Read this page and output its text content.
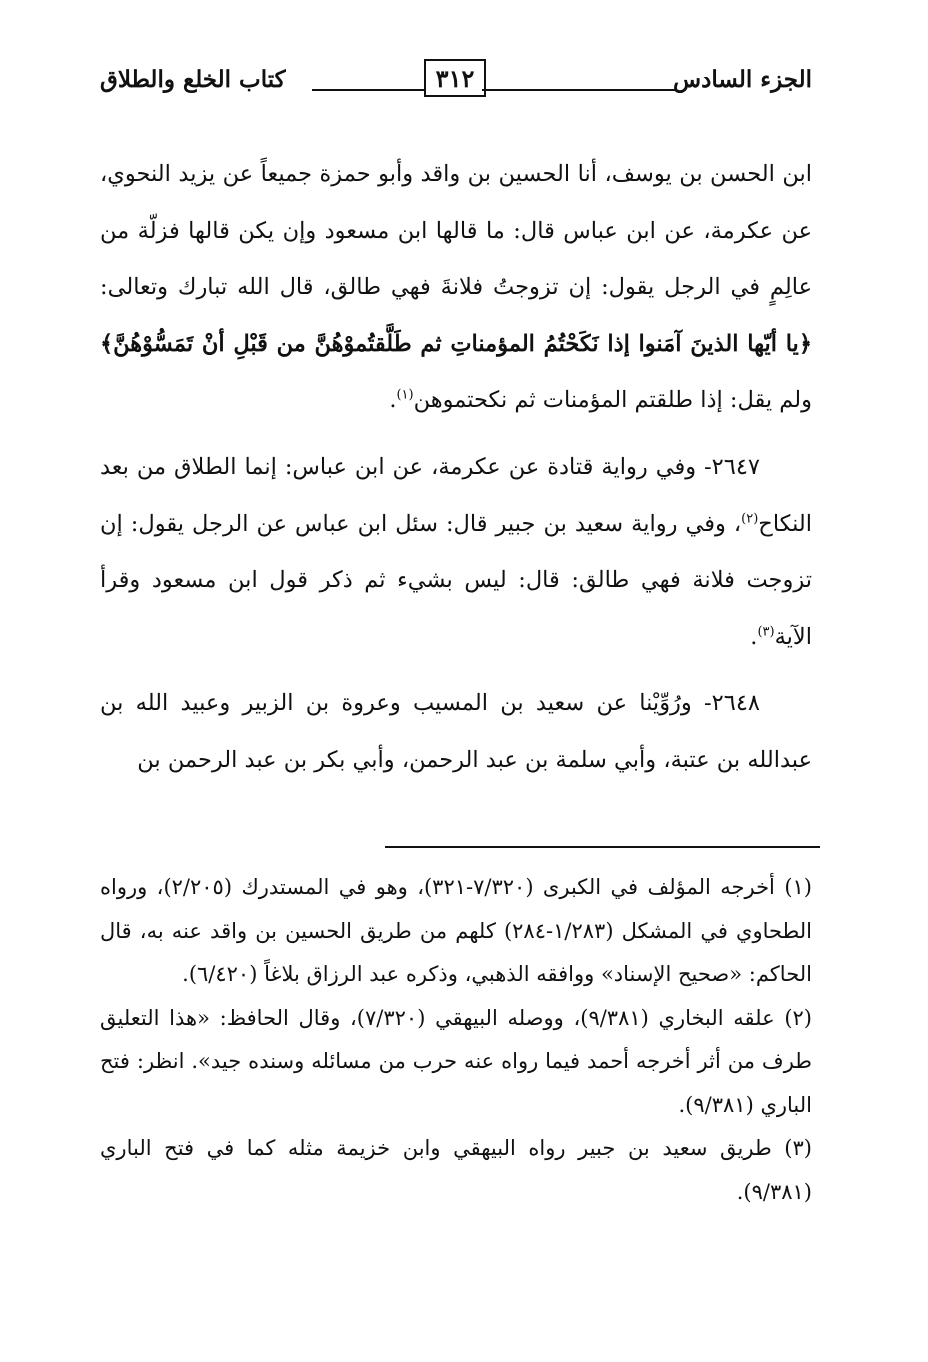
الجزء السادس
٣١٢
كتاب الخلع والطلاق

ابن الحسن بن يوسف، أنا الحسين بن واقد وأبو حمزة جميعاً عن يزيد النحوي، عن عكرمة، عن ابن عباس قال: ما قالها ابن مسعود وإن يكن قالها فزلّة من عالِمٍ في الرجل يقول: إن تزوجتُ فلانةَ فهي طالق، قال الله تبارك وتعالى: ﴿يا أيّها الذينَ آمَنوا إذا نَكَحْتُمُ المؤمناتِ ثم طَلَّقتُموْهُنَّ من قَبْلِ أنْ تَمَسُّوْهُنَّ﴾ ولم يقل: إذا طلقتم المؤمنات ثم نكحتموهن$^{(١)}$.

٢٦٤٧- وفي رواية قتادة عن عكرمة، عن ابن عباس: إنما الطلاق من بعد النكاح$^{(٢)}$، وفي رواية سعيد بن جبير قال: سئل ابن عباس عن الرجل يقول: إن تزوجت فلانة فهي طالق: قال: ليس بشيء ثم ذكر قول ابن مسعود وقرأ الآية$^{(٣)}$.

٢٦٤٨- ورُوِّيْنا عن سعيد بن المسيب وعروة بن الزبير وعبيد الله بن عبدالله بن عتبة، وأبي سلمة بن عبد الرحمن، وأبي بكر بن عبد الرحمن بن

(١) أخرجه المؤلف في الكبرى (٧/٣٢٠-٣٢١)، وهو في المستدرك (٢/٢٠٥)، ورواه الطحاوي في المشكل (١/٢٨٣-٢٨٤) كلهم من طريق الحسين بن واقد عنه به، قال الحاكم: «صحيح الإسناد» ووافقه الذهبي، وذكره عبد الرزاق بلاغاً (٦/٤٢٠).

(٢) علقه البخاري (٩/٣٨١)، ووصله البيهقي (٧/٣٢٠)، وقال الحافظ: «هذا التعليق طرف من أثر أخرجه أحمد فيما رواه عنه حرب من مسائله وسنده جيد». انظر: فتح الباري (٩/٣٨١).

(٣) طريق سعيد بن جبير رواه البيهقي وابن خزيمة مثله كما في فتح الباري (٩/٣٨١).
